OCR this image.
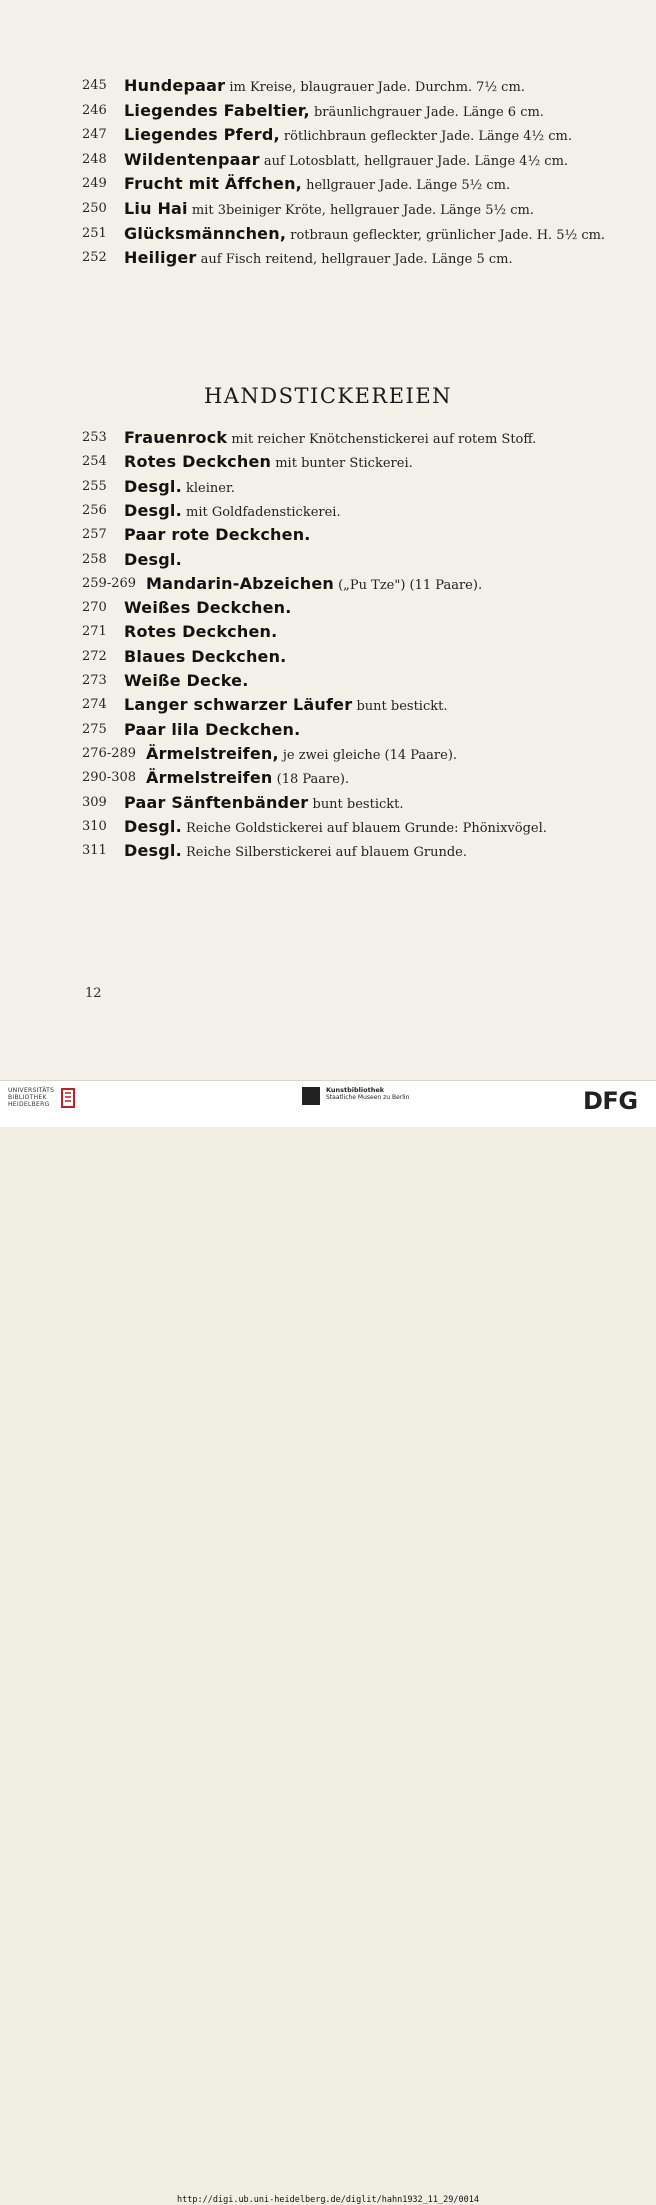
245 Hundepaar im Kreise, blaugrauer Jade. Durchm. 7½ cm.
246 Liegendes Fabeltier, bräunlichgrauer Jade. Länge 6 cm.
247 Liegendes Pferd, rötlichbraun gefleckter Jade. Länge 4½ cm.
248 Wildentenpaar auf Lotosblatt, hellgrauer Jade. Länge 4½ cm.
249 Frucht mit Äffchen, hellgrauer Jade. Länge 5½ cm.
250 Liu Hai mit 3beiniger Kröte, hellgrauer Jade. Länge 5½ cm.
251 Glücksmännchen, rotbraun gefleckter, grünlicher Jade. H. 5½ cm.
252 Heiliger auf Fisch reitend, hellgrauer Jade. Länge 5 cm.
HANDSTICKEREIEN
253 Frauenrock mit reicher Knötchenstickerei auf rotem Stoff.
254 Rotes Deckchen mit bunter Stickerei.
255 Desgl. kleiner.
256 Desgl. mit Goldfadenstickerei.
257 Paar rote Deckchen.
258 Desgl.
259-269 Mandarin-Abzeichen („Pu Tze") (11 Paare).
270 Weißes Deckchen.
271 Rotes Deckchen.
272 Blaues Deckchen.
273 Weiße Decke.
274 Langer schwarzer Läufer bunt bestickt.
275 Paar lila Deckchen.
276-289 Ärmelstreifen, je zwei gleiche (14 Paare).
290-308 Ärmelstreifen (18 Paare).
309 Paar Sänftenbänder bunt bestickt.
310 Desgl. Reiche Goldstickerei auf blauem Grunde: Phönixvögel.
311 Desgl. Reiche Silberstickerei auf blauem Grunde.
12
UNIVERSITÄTS
BIBLIOTHEK
HEIDELBERG
Kunstbibliothek
Staatliche Museen zu Berlin	DFG
http://digi.ub.uni-heidelberg.de/diglit/hahn1932_11_29/0014
